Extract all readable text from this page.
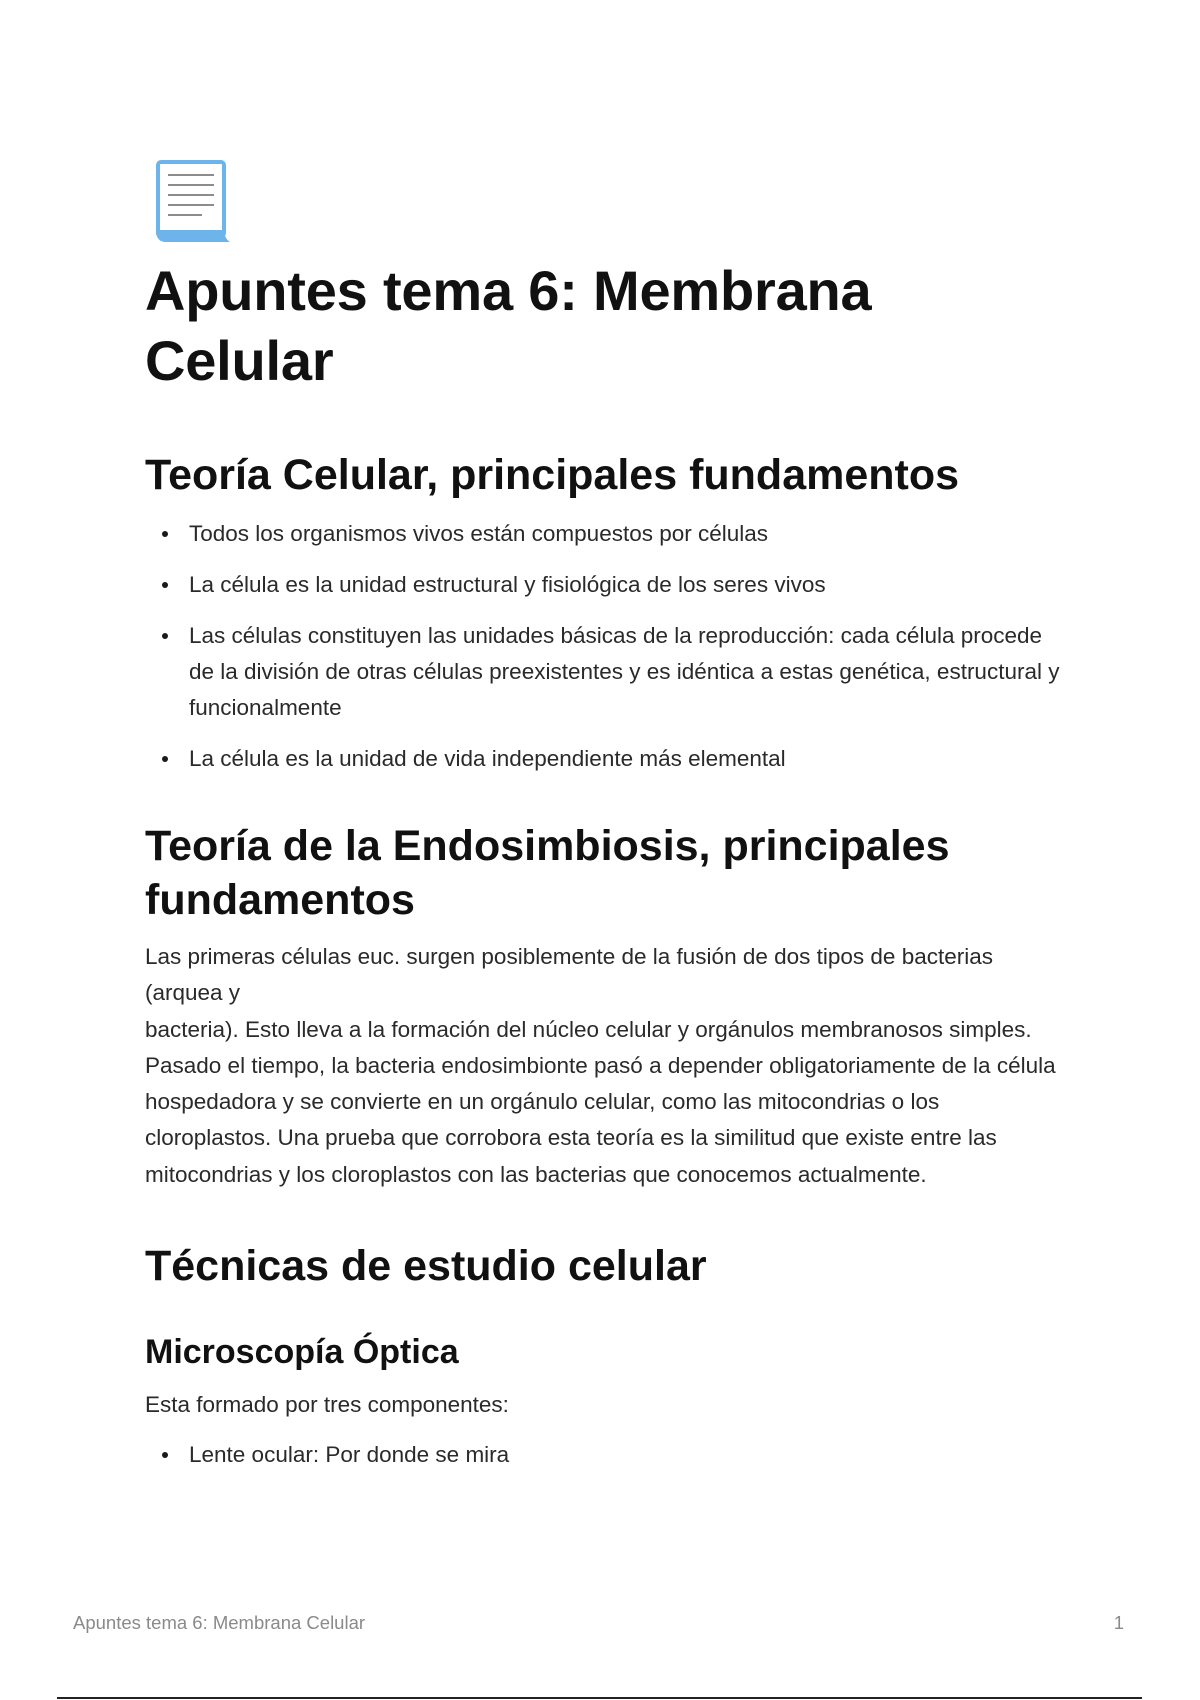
Apuntes tema 6: Membrana Celular
Teoría Celular, principales fundamentos
Todos los organismos vivos están compuestos por células
La célula es la unidad estructural y fisiológica de los seres vivos
Las células constituyen las unidades básicas de la reproducción: cada célula procede de la división de otras células preexistentes y es idéntica a estas genética, estructural y funcionalmente
La célula es la unidad de vida independiente más elemental
Teoría de la Endosimbiosis, principales fundamentos

Las primeras células euc. surgen posiblemente de la fusión de dos tipos de bacterias (arquea y
bacteria). Esto lleva a la formación del núcleo celular y orgánulos membranosos simples. Pasado el tiempo, la bacteria endosimbionte pasó a depender obligatoriamente de la célula hospedadora y se convierte en un orgánulo celular, como las mitocondrias o los cloroplastos. Una prueba que corrobora esta teoría es la similitud que existe entre las mitocondrias y los cloroplastos con las bacterias que conocemos actualmente.

Técnicas de estudio celular
Microscopía Óptica

Esta formado por tres componentes:

Lente ocular: Por donde se mira
Apuntes tema 6: Membrana Celular	1
